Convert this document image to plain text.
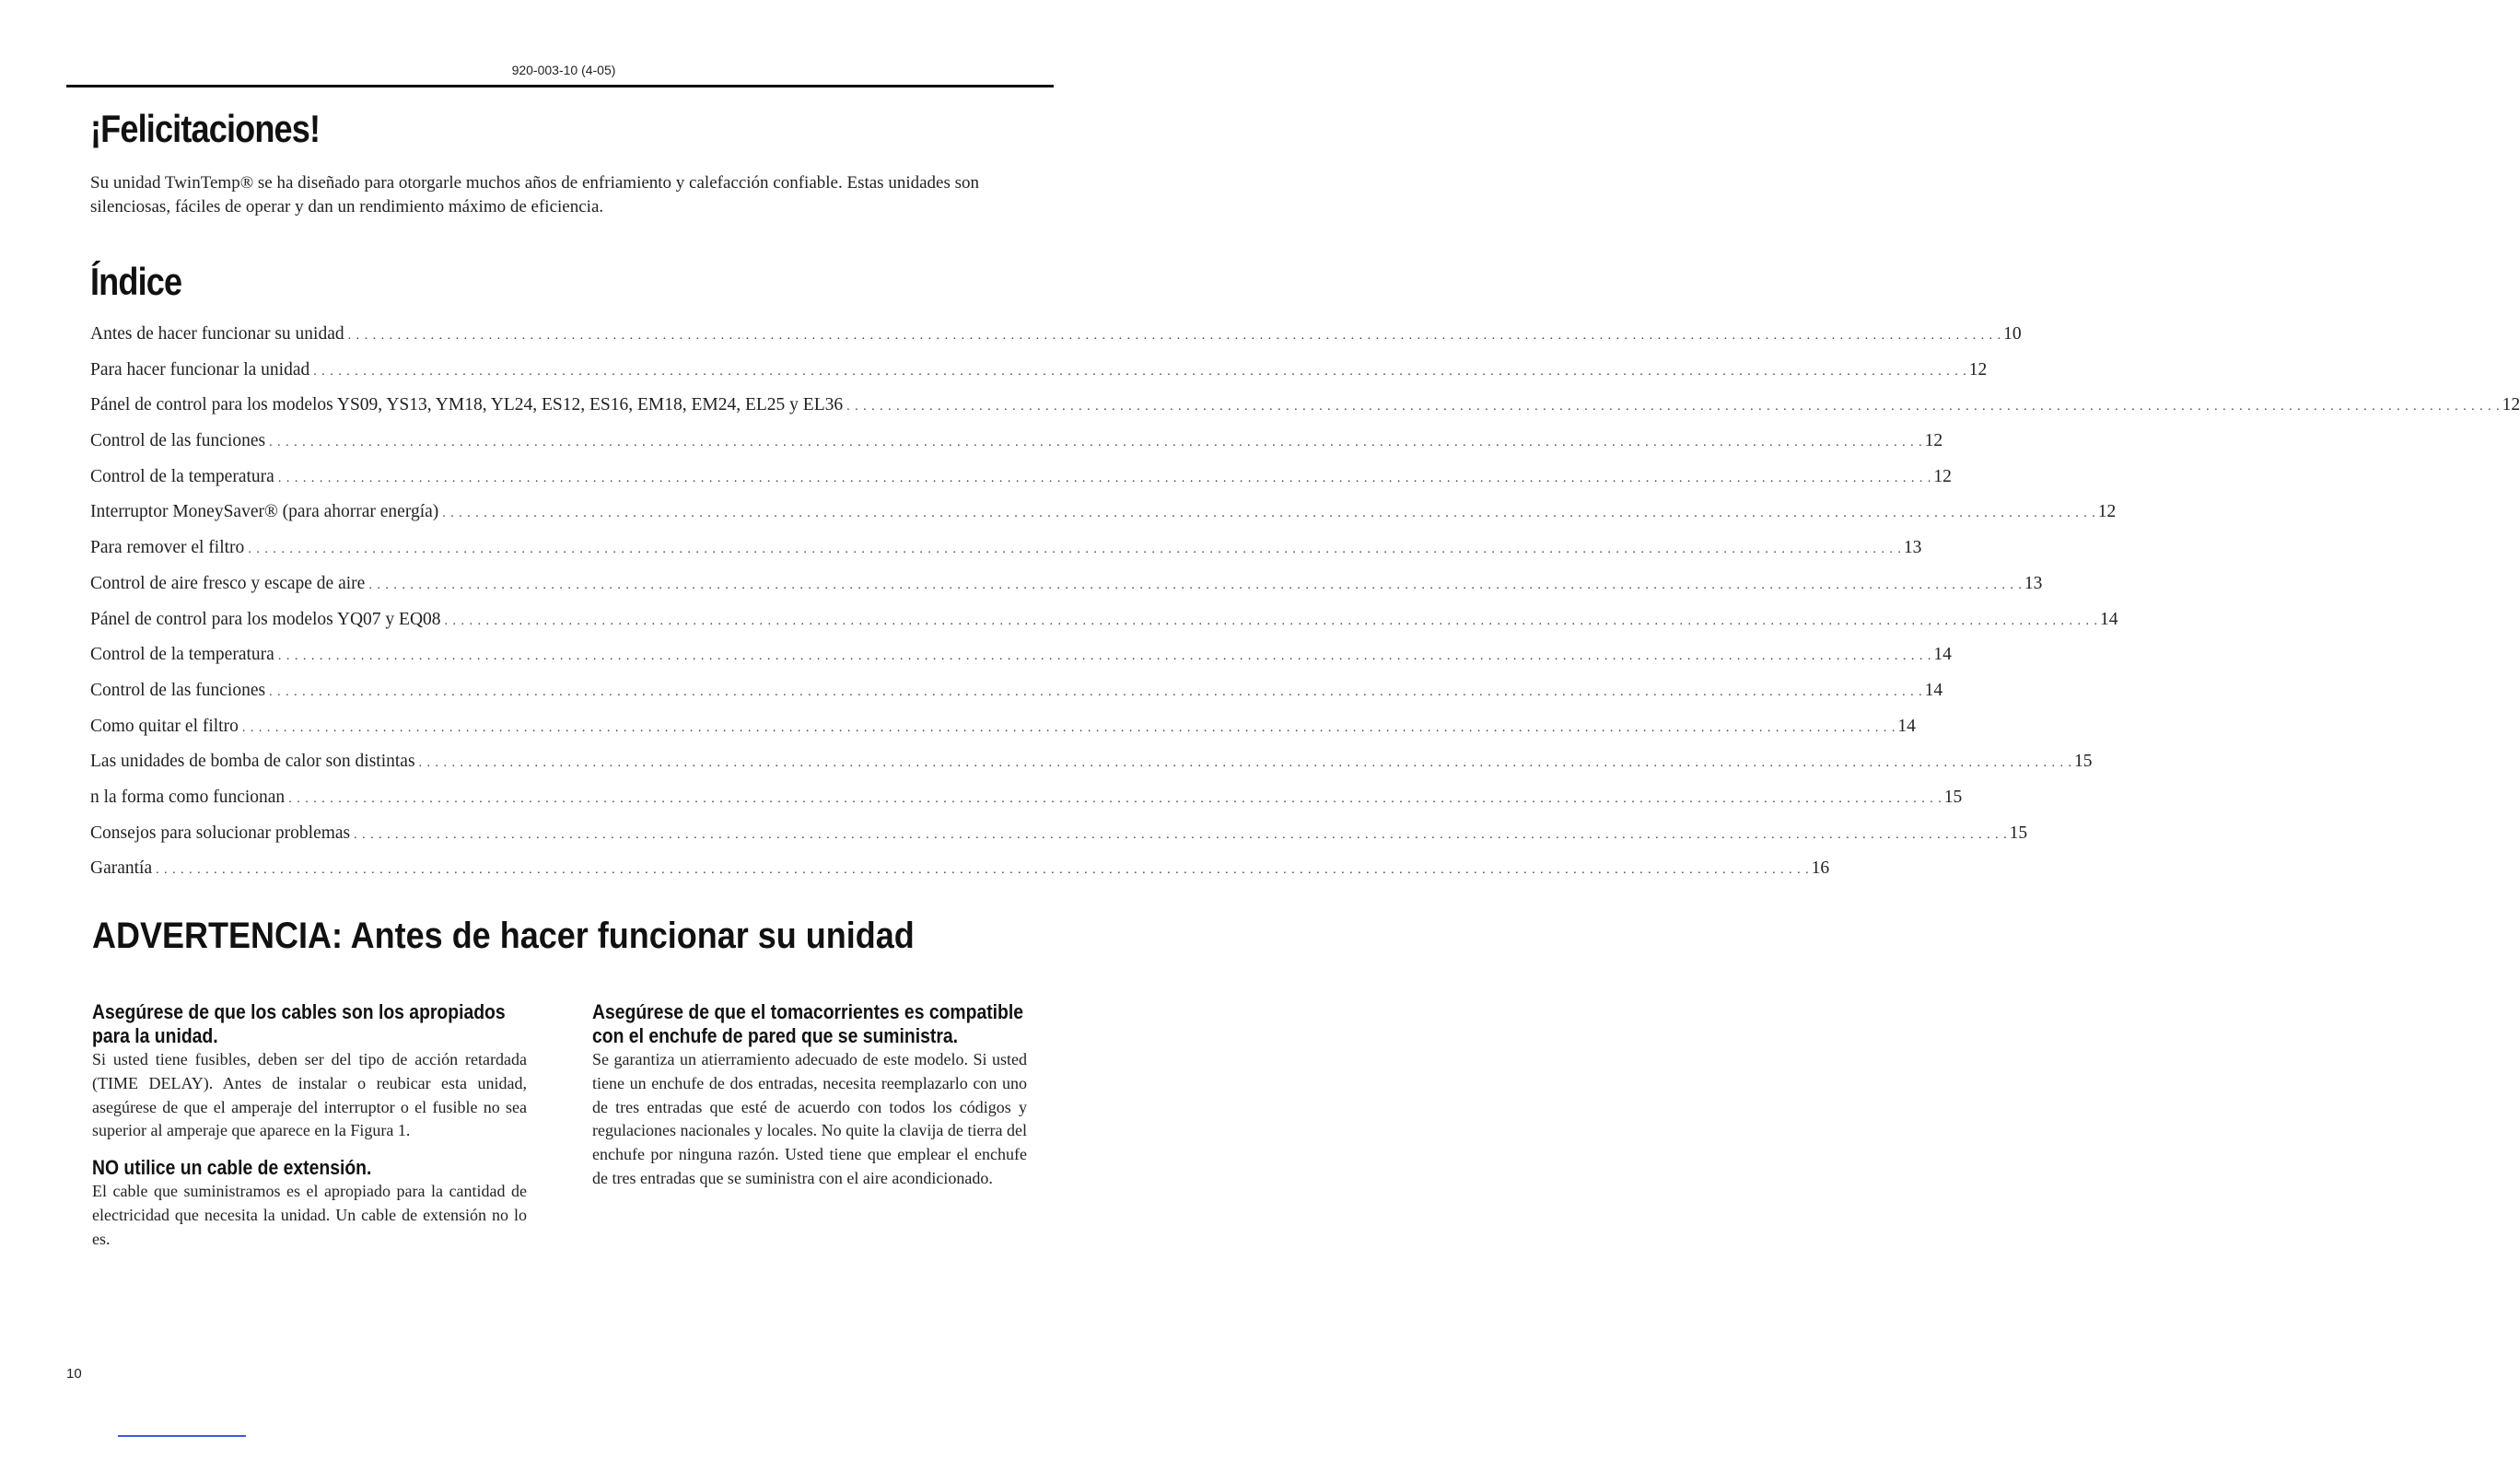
920-003-10 (4-05)
¡Felicitaciones!

Su unidad TwinTemp® se ha diseñado para otorgarle muchos años de enfriamiento y calefacción confiable. Estas unidades son silenciosas, fáciles de operar y dan un rendimiento máximo de eficiencia.

Índice
Antes de hacer funcionar su unidad . . . . . . . . . . . . . . . . . . . . . . . . . . . . . . . . . . . . . . . . . . . . . . . . . . . . . . . . . . . . . . . . . . . . . . . . . . . . . . . . . . . . . . . . . . . . . . . . . . . . . . . . . . . . . . . . . . . . . . . . . . . . . . . . . . . . . . . . . . . . . . . . . . . . . . . . . . . . . . . . . . . . . . . . . . . . . . . . . . . . . . . . . . . . . . . . . . . . . . . . 10
Para hacer funcionar la unidad . . . . . . . . . . . . . . . . . . . . . . . . . . . . . . . . . . . . . . . . . . . . . . . . . . . . . . . . . . . . . . . . . . . . . . . . . . . . . . . . . . . . . . . . . . . . . . . . . . . . . . . . . . . . . . . . . . . . . . . . . . . . . . . . . . . . . . . . . . . . . . . . . . . . . . . . . . . . . . . . . . . . . . . . . . . . . . . . . . . . . . . . . . . . . . . . . . . . . . . . 12
Pánel de control para los modelos YS09, YS13, YM18, YL24, ES12, ES16, EM18, EM24, EL25 y EL36 . . . . . . . . . . . . . . . . . . . . . . . . . . . . . . . . . . . . . . . . . . . . . . . . . . . . . . . . . . . . . . . . . . . . . . . . . . . . . . . . . . . . . . . . . . . . . . . . . . . . . . . . . . . . . . . . . . . . . . . . . . . . . . . . . . . . . . . . . . . . . . . . . . . . . . . . . . . . . . . . . . . . . . . . . . . . . . . . . . . . . . . . . . . . . . . . . . . . . . . . 12
Control de las funciones . . . . . . . . . . . . . . . . . . . . . . . . . . . . . . . . . . . . . . . . . . . . . . . . . . . . . . . . . . . . . . . . . . . . . . . . . . . . . . . . . . . . . . . . . . . . . . . . . . . . . . . . . . . . . . . . . . . . . . . . . . . . . . . . . . . . . . . . . . . . . . . . . . . . . . . . . . . . . . . . . . . . . . . . . . . . . . . . . . . . . . . . . . . . . . . . . . . . . . . . 12
Control de la temperatura . . . . . . . . . . . . . . . . . . . . . . . . . . . . . . . . . . . . . . . . . . . . . . . . . . . . . . . . . . . . . . . . . . . . . . . . . . . . . . . . . . . . . . . . . . . . . . . . . . . . . . . . . . . . . . . . . . . . . . . . . . . . . . . . . . . . . . . . . . . . . . . . . . . . . . . . . . . . . . . . . . . . . . . . . . . . . . . . . . . . . . . . . . . . . . . . . . . . . . . . 12
Interruptor MoneySaver® (para ahorrar energía) . . . . . . . . . . . . . . . . . . . . . . . . . . . . . . . . . . . . . . . . . . . . . . . . . . . . . . . . . . . . . . . . . . . . . . . . . . . . . . . . . . . . . . . . . . . . . . . . . . . . . . . . . . . . . . . . . . . . . . . . . . . . . . . . . . . . . . . . . . . . . . . . . . . . . . . . . . . . . . . . . . . . . . . . . . . . . . . . . . . . . . . . . . . . . . . . . . . . . . . . 12
Para remover el filtro . . . . . . . . . . . . . . . . . . . . . . . . . . . . . . . . . . . . . . . . . . . . . . . . . . . . . . . . . . . . . . . . . . . . . . . . . . . . . . . . . . . . . . . . . . . . . . . . . . . . . . . . . . . . . . . . . . . . . . . . . . . . . . . . . . . . . . . . . . . . . . . . . . . . . . . . . . . . . . . . . . . . . . . . . . . . . . . . . . . . . . . . . . . . . . . . . . . . . . . . 13
Control de aire fresco y escape de aire . . . . . . . . . . . . . . . . . . . . . . . . . . . . . . . . . . . . . . . . . . . . . . . . . . . . . . . . . . . . . . . . . . . . . . . . . . . . . . . . . . . . . . . . . . . . . . . . . . . . . . . . . . . . . . . . . . . . . . . . . . . . . . . . . . . . . . . . . . . . . . . . . . . . . . . . . . . . . . . . . . . . . . . . . . . . . . . . . . . . . . . . . . . . . . . . . . . . . . . . 13
Pánel de control para los modelos YQ07 y EQ08 . . . . . . . . . . . . . . . . . . . . . . . . . . . . . . . . . . . . . . . . . . . . . . . . . . . . . . . . . . . . . . . . . . . . . . . . . . . . . . . . . . . . . . . . . . . . . . . . . . . . . . . . . . . . . . . . . . . . . . . . . . . . . . . . . . . . . . . . . . . . . . . . . . . . . . . . . . . . . . . . . . . . . . . . . . . . . . . . . . . . . . . . . . . . . . . . . . . . . . . . 14
Control de la temperatura . . . . . . . . . . . . . . . . . . . . . . . . . . . . . . . . . . . . . . . . . . . . . . . . . . . . . . . . . . . . . . . . . . . . . . . . . . . . . . . . . . . . . . . . . . . . . . . . . . . . . . . . . . . . . . . . . . . . . . . . . . . . . . . . . . . . . . . . . . . . . . . . . . . . . . . . . . . . . . . . . . . . . . . . . . . . . . . . . . . . . . . . . . . . . . . . . . . . . . . . 14
Control de las funciones . . . . . . . . . . . . . . . . . . . . . . . . . . . . . . . . . . . . . . . . . . . . . . . . . . . . . . . . . . . . . . . . . . . . . . . . . . . . . . . . . . . . . . . . . . . . . . . . . . . . . . . . . . . . . . . . . . . . . . . . . . . . . . . . . . . . . . . . . . . . . . . . . . . . . . . . . . . . . . . . . . . . . . . . . . . . . . . . . . . . . . . . . . . . . . . . . . . . . . . . 14
Como quitar el filtro . . . . . . . . . . . . . . . . . . . . . . . . . . . . . . . . . . . . . . . . . . . . . . . . . . . . . . . . . . . . . . . . . . . . . . . . . . . . . . . . . . . . . . . . . . . . . . . . . . . . . . . . . . . . . . . . . . . . . . . . . . . . . . . . . . . . . . . . . . . . . . . . . . . . . . . . . . . . . . . . . . . . . . . . . . . . . . . . . . . . . . . . . . . . . . . . . . . . . . . . 14
Las unidades de bomba de calor son distintas . . . . . . . . . . . . . . . . . . . . . . . . . . . . . . . . . . . . . . . . . . . . . . . . . . . . . . . . . . . . . . . . . . . . . . . . . . . . . . . . . . . . . . . . . . . . . . . . . . . . . . . . . . . . . . . . . . . . . . . . . . . . . . . . . . . . . . . . . . . . . . . . . . . . . . . . . . . . . . . . . . . . . . . . . . . . . . . . . . . . . . . . . . . . . . . . . . . . . . . . 15
n la forma como funcionan . . . . . . . . . . . . . . . . . . . . . . . . . . . . . . . . . . . . . . . . . . . . . . . . . . . . . . . . . . . . . . . . . . . . . . . . . . . . . . . . . . . . . . . . . . . . . . . . . . . . . . . . . . . . . . . . . . . . . . . . . . . . . . . . . . . . . . . . . . . . . . . . . . . . . . . . . . . . . . . . . . . . . . . . . . . . . . . . . . . . . . . . . . . . . . . . . . . . . . . . 15
Consejos para solucionar problemas . . . . . . . . . . . . . . . . . . . . . . . . . . . . . . . . . . . . . . . . . . . . . . . . . . . . . . . . . . . . . . . . . . . . . . . . . . . . . . . . . . . . . . . . . . . . . . . . . . . . . . . . . . . . . . . . . . . . . . . . . . . . . . . . . . . . . . . . . . . . . . . . . . . . . . . . . . . . . . . . . . . . . . . . . . . . . . . . . . . . . . . . . . . . . . . . . . . . . . . . 15
Garantía . . . . . . . . . . . . . . . . . . . . . . . . . . . . . . . . . . . . . . . . . . . . . . . . . . . . . . . . . . . . . . . . . . . . . . . . . . . . . . . . . . . . . . . . . . . . . . . . . . . . . . . . . . . . . . . . . . . . . . . . . . . . . . . . . . . . . . . . . . . . . . . . . . . . . . . . . . . . . . . . . . . . . . . . . . . . . . . . . . . . . . . . . . . . . . . . . . . . . . . . 16
ADVERTENCIA: Antes de hacer funcionar su unidad
Asegúrese de que los cables son los apropiados para la unidad.

Si usted tiene fusibles, deben ser del tipo de acción retardada (TIME DELAY). Antes de instalar o reubicar esta unidad, asegúrese de que el amperaje del interruptor o el fusible no sea superior al amperaje que aparece en la Figura 1.

NO utilice un cable de extensión.

El cable que suministramos es el apropiado para la cantidad de electricidad que necesita la unidad. Un cable de extensión no lo es.

Asegúrese de que el tomacorrientes es compatible con el enchufe de pared que se suministra.

Se garantiza un atierramiento adecuado de este modelo. Si usted tiene un enchufe de dos entradas, necesita reemplazarlo con uno de tres entradas que esté de acuerdo con todos los códigos y regulaciones nacionales y locales. No quite la clavija de tierra del enchufe por ninguna razón. Usted tiene que emplear el enchufe de tres entradas que se suministra con el aire acondicionado.

10
